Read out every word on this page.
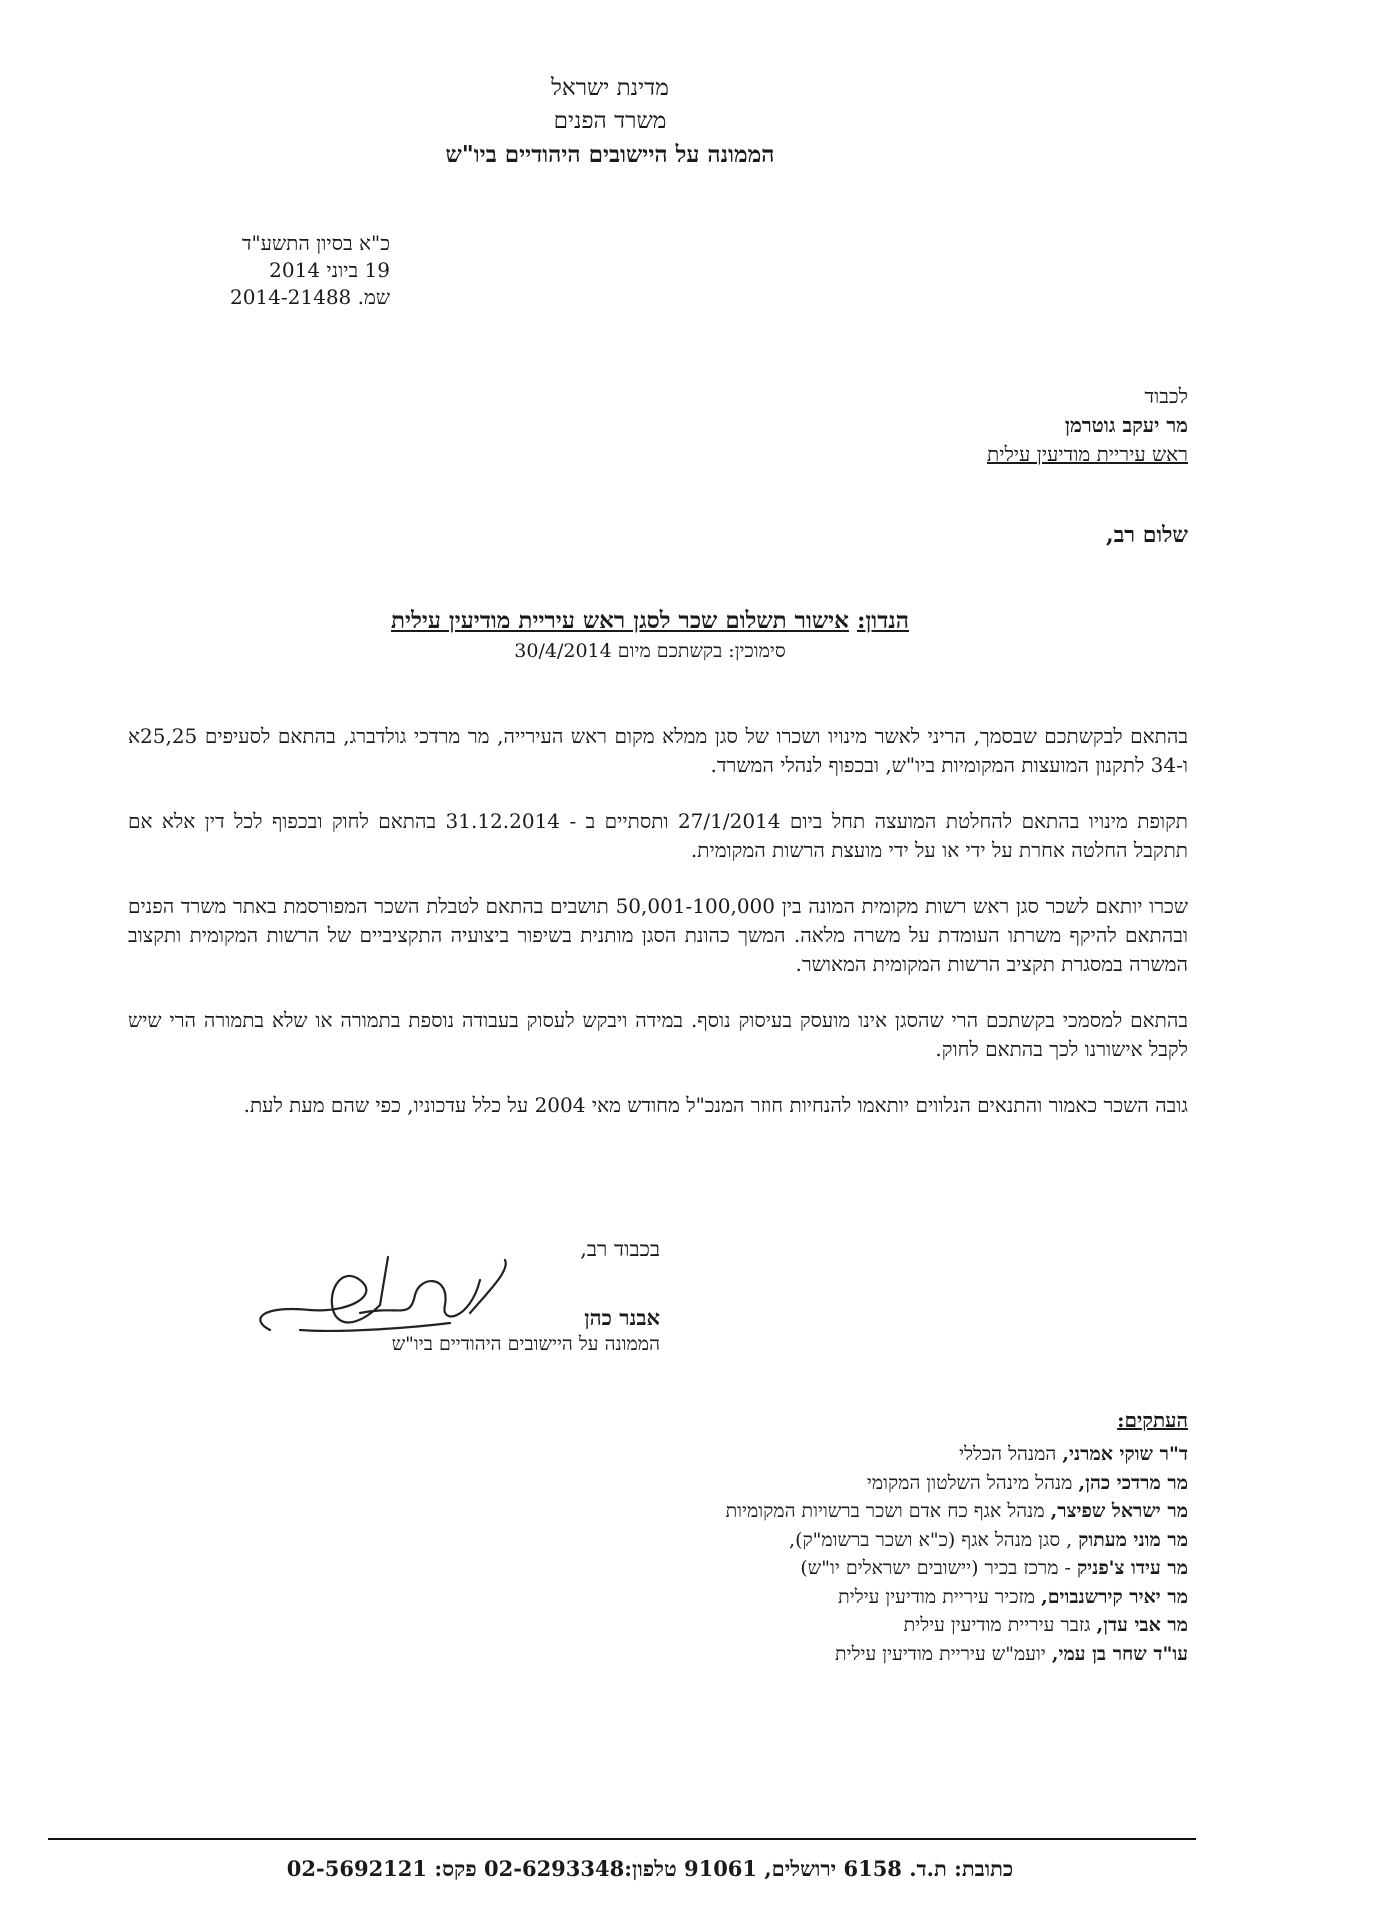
מדינת ישראל
משרד הפנים
הממונה על היישובים היהודיים ביו"ש
כ"א בסיון התשע"ד
19 ביוני 2014
שמ. 2014-21488
לכבוד
מר יעקב גוטרמן
ראש עיריית מודיעין עילית
שלום רב,
הנדון: אישור תשלום שכר לסגן ראש עיריית מודיעין עילית
סימוכין: בקשתכם מיום 30/4/2014

בהתאם לבקשתכם שבסמך, הריני לאשר מינויו ושכרו של סגן ממלא מקום ראש העירייה, מר מרדכי גולדברג, בהתאם לסעיפים 25,25א ו-34 לתקנון המועצות המקומיות ביו"ש, ובכפוף לנהלי המשרד.

תקופת מינויו בהתאם להחלטת המועצה תחל ביום 27/1/2014 ותסתיים ב - 31.12.2014 בהתאם לחוק ובכפוף לכל דין אלא אם תתקבל החלטה אחרת על ידי או על ידי מועצת הרשות המקומית.

שכרו יותאם לשכר סגן ראש רשות מקומית המונה בין 50,001-100,000 תושבים בהתאם לטבלת השכר המפורסמת באתר משרד הפנים ובהתאם להיקף משרתו העומדת על משרה מלאה. המשך כהונת הסגן מותנית בשיפור ביצועיה התקציביים של הרשות המקומית ותקצוב המשרה במסגרת תקציב הרשות המקומית המאושר.

בהתאם למסמכי בקשתכם הרי שהסגן אינו מועסק בעיסוק נוסף. במידה ויבקש לעסוק בעבודה נוספת בתמורה או שלא בתמורה הרי שיש לקבל אישורנו לכך בהתאם לחוק.

גובה השכר כאמור והתנאים הנלווים יותאמו להנחיות חוזר המנכ"ל מחודש מאי 2004 על כלל עדכוניו, כפי שהם מעת לעת.

בכבוד רב,
אבנר כהן
הממונה על היישובים היהודיים ביו"ש
העתקים:
ד"ר שוקי אמרני, המנהל הכללי
מר מרדכי כהן, מנהל מינהל השלטון המקומי
מר ישראל שפיצר, מנהל אגף כח אדם ושכר ברשויות המקומיות
מר מוני מעתוק , סגן מנהל אגף (כ"א ושכר ברשומ"ק),
מר עידו צ'פניק - מרכז בכיר (יישובים ישראלים יו"ש)
מר יאיר קירשנבוים, מזכיר עיריית מודיעין עילית
מר אבי עדן, גזבר עיריית מודיעין עילית
עו"ד שחר בן עמי, יועמ"ש עיריית מודיעין עילית
כתובת: ת.ד. 6158 ירושלים, 91061 טלפון:02-6293348 פקס: 02-5692121
